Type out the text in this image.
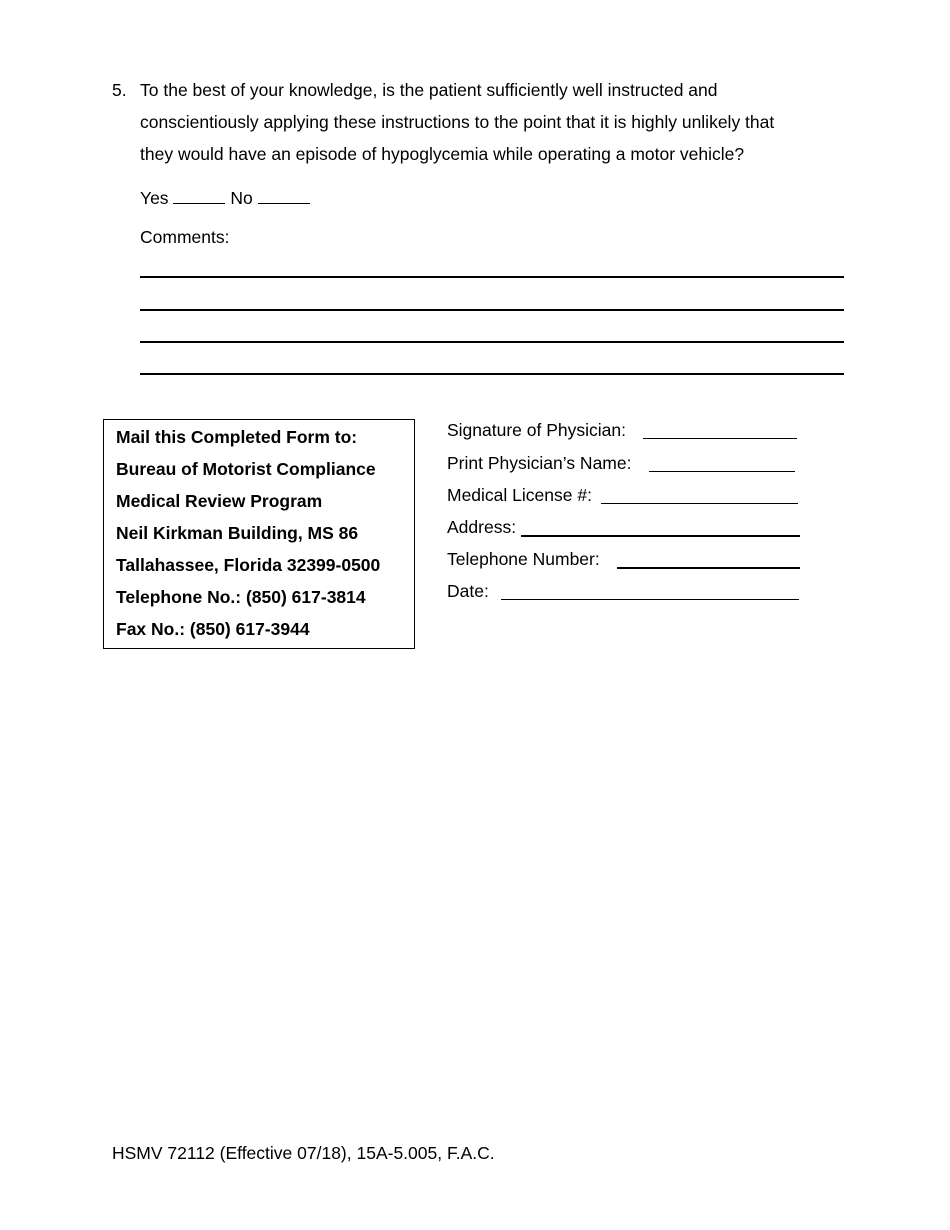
5. To the best of your knowledge, is the patient sufficiently well instructed and
conscientiously applying these instructions to the point that it is highly unlikely that
they would have an episode of hypoglycemia while operating a motor vehicle?
Yes	No
Comments:
Mail this Completed Form to:
Bureau of Motorist Compliance
Medical Review Program
Neil Kirkman Building, MS 86
Tallahassee, Florida 32399-0500
Telephone No.: (850) 617-3814
Fax No.: (850) 617-3944
Signature of Physician:
Print Physician’s Name:
Medical License #:
Address:
Telephone Number:
Date:
HSMV 72112 (Effective 07/18), 15A-5.005, F.A.C.
